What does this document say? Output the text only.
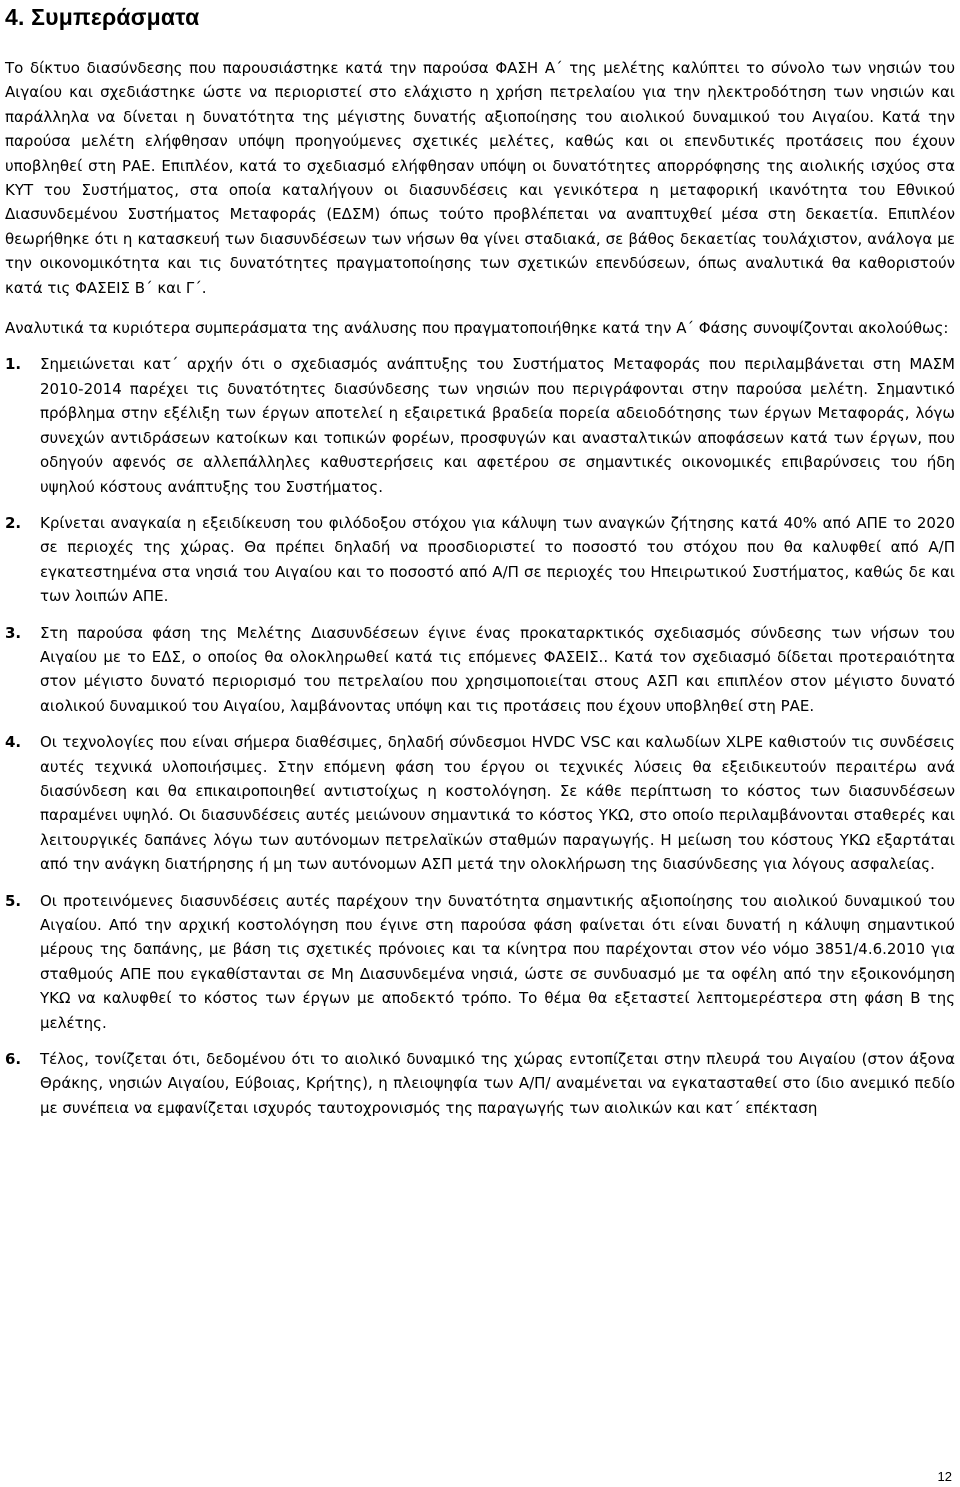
4. Συμπεράσματα

Το δίκτυο διασύνδεσης που παρουσιάστηκε κατά την παρούσα ΦΑΣΗ Α΄ της μελέτης καλύπτει το σύνολο των νησιών του Αιγαίου και σχεδιάστηκε ώστε να περιοριστεί στο ελάχιστο η χρήση πετρελαίου για την ηλεκτροδότηση των νησιών και παράλληλα να δίνεται η δυνατότητα της μέγιστης δυνατής αξιοποίησης του αιολικού δυναμικού του Αιγαίου. Κατά την παρούσα μελέτη ελήφθησαν υπόψη προηγούμενες σχετικές μελέτες, καθώς και οι επενδυτικές προτάσεις που έχουν υποβληθεί στη ΡΑΕ. Επιπλέον, κατά το σχεδιασμό ελήφθησαν υπόψη οι δυνατότητες απορρόφησης της αιολικής ισχύος στα ΚΥΤ του Συστήματος, στα οποία καταλήγουν οι διασυνδέσεις και γενικότερα η μεταφορική ικανότητα του Εθνικού Διασυνδεμένου Συστήματος Μεταφοράς (ΕΔΣΜ) όπως τούτο προβλέπεται να αναπτυχθεί μέσα στη δεκαετία. Επιπλέον θεωρήθηκε ότι η κατασκευή των διασυνδέσεων των νήσων θα γίνει σταδιακά, σε βάθος δεκαετίας τουλάχιστον, ανάλογα με την οικονομικότητα και τις δυνατότητες πραγματοποίησης των σχετικών επενδύσεων, όπως αναλυτικά θα καθοριστούν κατά τις ΦΑΣΕΙΣ Β΄ και Γ΄.

Αναλυτικά τα κυριότερα συμπεράσματα της ανάλυσης που πραγματοποιήθηκε κατά την Α΄ Φάσης συνοψίζονται ακολούθως:

1. Σημειώνεται κατ΄ αρχήν ότι ο σχεδιασμός ανάπτυξης του Συστήματος Μεταφοράς που περιλαμβάνεται στη ΜΑΣΜ 2010-2014 παρέχει τις δυνατότητες διασύνδεσης των νησιών που περιγράφονται στην παρούσα μελέτη. Σημαντικό πρόβλημα στην εξέλιξη των έργων αποτελεί η εξαιρετικά βραδεία πορεία αδειοδότησης των έργων Μεταφοράς, λόγω συνεχών αντιδράσεων κατοίκων και τοπικών φορέων, προσφυγών και ανασταλτικών αποφάσεων κατά των έργων, που οδηγούν αφενός σε αλλεπάλληλες καθυστερήσεις και αφετέρου σε σημαντικές οικονομικές επιβαρύνσεις του ήδη υψηλού κόστους ανάπτυξης του Συστήματος.
2. Κρίνεται αναγκαία η εξειδίκευση του φιλόδοξου στόχου για κάλυψη των αναγκών ζήτησης κατά 40% από ΑΠΕ το 2020 σε περιοχές της χώρας. Θα πρέπει δηλαδή να προσδιοριστεί το ποσοστό του στόχου που θα καλυφθεί από Α/Π εγκατεστημένα στα νησιά του Αιγαίου και το ποσοστό από Α/Π σε περιοχές του Ηπειρωτικού Συστήματος, καθώς δε και των λοιπών ΑΠΕ.
3. Στη παρούσα φάση της Μελέτης Διασυνδέσεων έγινε ένας προκαταρκτικός σχεδιασμός σύνδεσης των νήσων του Αιγαίου με το ΕΔΣ, ο οποίος θα ολοκληρωθεί κατά τις επόμενες ΦΑΣΕΙΣ.. Κατά τον σχεδιασμό δίδεται προτεραιότητα στον μέγιστο δυνατό περιορισμό του πετρελαίου που χρησιμοποιείται στους ΑΣΠ και επιπλέον στον μέγιστο δυνατό αιολικού δυναμικού του Αιγαίου, λαμβάνοντας υπόψη και τις προτάσεις που έχουν υποβληθεί στη ΡΑΕ.
4. Οι τεχνολογίες που είναι σήμερα διαθέσιμες, δηλαδή σύνδεσμοι HVDC VSC και καλωδίων XLPE καθιστούν τις συνδέσεις αυτές τεχνικά υλοποιήσιμες. Στην επόμενη φάση του έργου οι τεχνικές λύσεις θα εξειδικευτούν περαιτέρω ανά διασύνδεση και θα επικαιροποιηθεί αντιστοίχως η κοστολόγηση. Σε κάθε περίπτωση το κόστος των διασυνδέσεων παραμένει υψηλό. Οι διασυνδέσεις αυτές μειώνουν σημαντικά το κόστος ΥΚΩ, στο οποίο περιλαμβάνονται σταθερές και λειτουργικές δαπάνες λόγω των αυτόνομων πετρελαϊκών σταθμών παραγωγής. Η μείωση του κόστους ΥΚΩ εξαρτάται από την ανάγκη διατήρησης ή μη των αυτόνομων ΑΣΠ μετά την ολοκλήρωση της διασύνδεσης για λόγους ασφαλείας.
5. Οι προτεινόμενες διασυνδέσεις αυτές παρέχουν την δυνατότητα σημαντικής αξιοποίησης του αιολικού δυναμικού του Αιγαίου. Από την αρχική κοστολόγηση που έγινε στη παρούσα φάση φαίνεται ότι είναι δυνατή η κάλυψη σημαντικού μέρους της δαπάνης, με βάση τις σχετικές πρόνοιες και τα κίνητρα που παρέχονται στον νέο νόμο 3851/4.6.2010 για σταθμούς ΑΠΕ που εγκαθίστανται σε Μη Διασυνδεμένα νησιά, ώστε σε συνδυασμό με τα οφέλη από την εξοικονόμηση ΥΚΩ να καλυφθεί το κόστος των έργων με αποδεκτό τρόπο. Το θέμα θα εξεταστεί λεπτομερέστερα στη φάση Β της μελέτης.
6. Τέλος, τονίζεται ότι, δεδομένου ότι το αιολικό δυναμικό της χώρας εντοπίζεται στην πλευρά του Αιγαίου (στον άξονα Θράκης, νησιών Αιγαίου, Εύβοιας, Κρήτης), η πλειοψηφία των Α/Π/ αναμένεται να εγκατασταθεί στο ίδιο ανεμικό πεδίο με συνέπεια να εμφανίζεται ισχυρός ταυτοχρονισμός της παραγωγής των αιολικών και κατ΄ επέκταση
12
